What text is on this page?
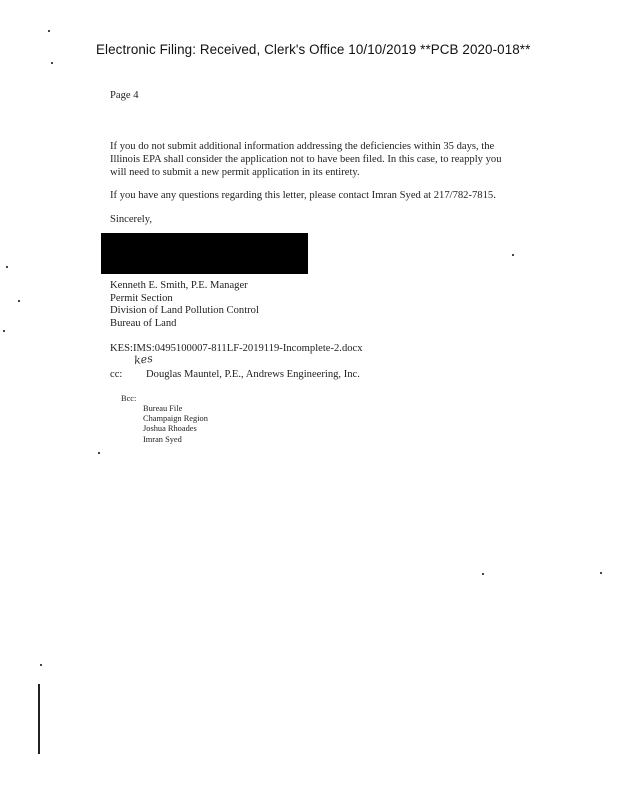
Electronic Filing: Received, Clerk's Office 10/10/2019 **PCB 2020-018**
Page 4
If you do not submit additional information addressing the deficiencies within 35 days, the
Illinois EPA shall consider the application not to have been filed. In this case, to reapply you
will need to submit a new permit application in its entirety.
If you have any questions regarding this letter, please contact Imran Syed at 217/782-7815.
Sincerely,
Kenneth E. Smith, P.E. Manager
Permit Section
Division of Land Pollution Control
Bureau of Land
KES:IMS:0495100007-811LF-2019119-Incomplete-2.docx
kes
cc: Douglas Mauntel, P.E., Andrews Engineering, Inc.
Bcc:
Bureau File
Champaign Region
Joshua Rhoades
Imran Syed
